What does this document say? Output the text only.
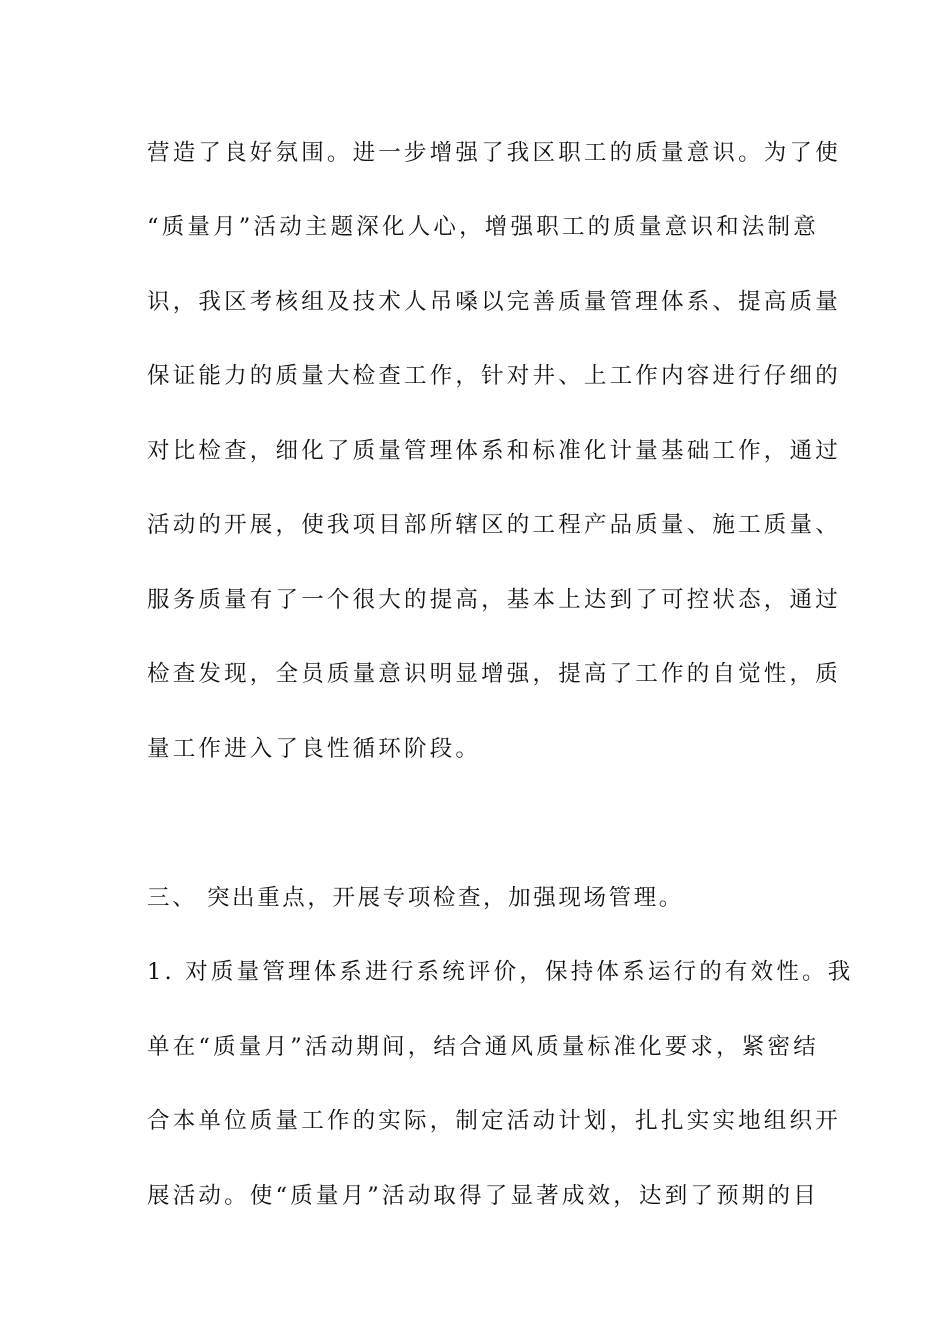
营造了良好氛围。进一步增强了我区职工的质量意识。为了使
“质量月”活动主题深化人心，增强职工的质量意识和法制意
识，我区考核组及技术人吊嗓以完善质量管理体系、提高质量
保证能力的质量大检查工作，针对井、上工作内容进行仔细的
对比检查，细化了质量管理体系和标准化计量基础工作，通过
活动的开展，使我项目部所辖区的工程产品质量、施工质量、
服务质量有了一个很大的提高，基本上达到了可控状态，通过
检查发现，全员质量意识明显增强，提高了工作的自觉性，质
量工作进入了良性循环阶段。
三、 突出重点，开展专项检查，加强现场管理。
1. 对质量管理体系进行系统评价，保持体系运行的有效性。我
单在“质量月”活动期间，结合通风质量标准化要求，紧密结
合本单位质量工作的实际，制定活动计划，扎扎实实地组织开
展活动。使“质量月”活动取得了显著成效，达到了预期的目
